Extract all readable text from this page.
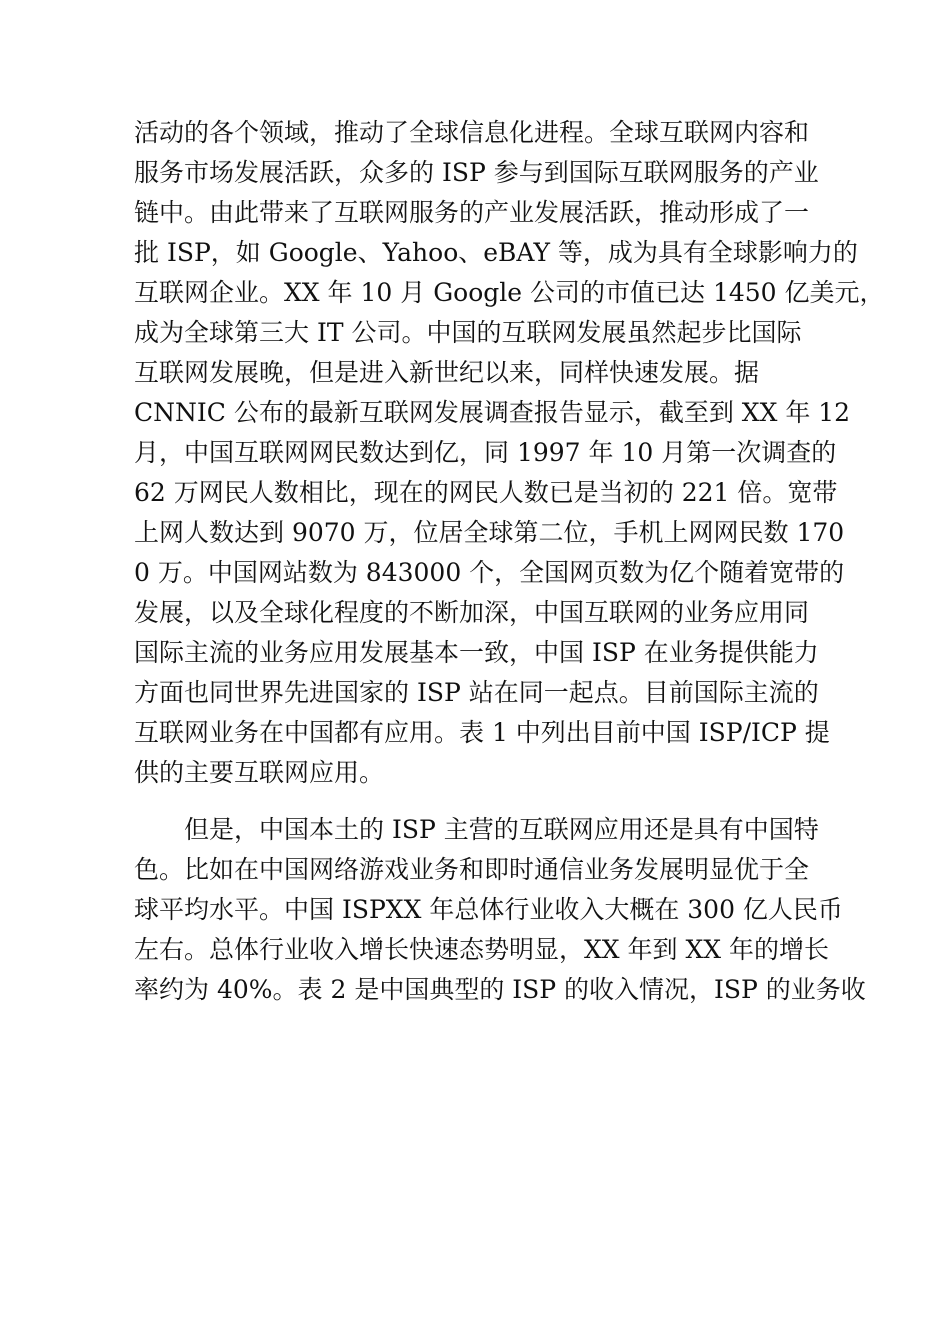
活动的各个领域，推动了全球信息化进程。全球互联网内容和
服务市场发展活跃，众多的 ISP 参与到国际互联网服务的产业
链中。由此带来了互联网服务的产业发展活跃，推动形成了一
批 ISP，如 Google、Yahoo、eBAY 等，成为具有全球影响力的
互联网企业。XX 年 10 月 Google 公司的市值已达 1450 亿美元，
成为全球第三大 IT 公司。中国的互联网发展虽然起步比国际
互联网发展晚，但是进入新世纪以来，同样快速发展。据
CNNIC 公布的最新互联网发展调查报告显示，截至到 XX 年 12
月，中国互联网网民数达到亿，同 1997 年 10 月第一次调查的
62 万网民人数相比，现在的网民人数已是当初的 221 倍。宽带
上网人数达到 9070 万，位居全球第二位，手机上网网民数 170
0 万。中国网站数为 843000 个，全国网页数为亿个随着宽带的
发展，以及全球化程度的不断加深，中国互联网的业务应用同
国际主流的业务应用发展基本一致，中国 ISP 在业务提供能力
方面也同世界先进国家的 ISP 站在同一起点。目前国际主流的
互联网业务在中国都有应用。表 1 中列出目前中国 ISP/ICP 提
供的主要互联网应用。
　　但是，中国本土的 ISP 主营的互联网应用还是具有中国特
色。比如在中国网络游戏业务和即时通信业务发展明显优于全
球平均水平。中国 ISPXX 年总体行业收入大概在 300 亿人民币
左右。总体行业收入增长快速态势明显，XX 年到 XX 年的增长
率约为 40%。表 2 是中国典型的 ISP 的收入情况，ISP 的业务收
